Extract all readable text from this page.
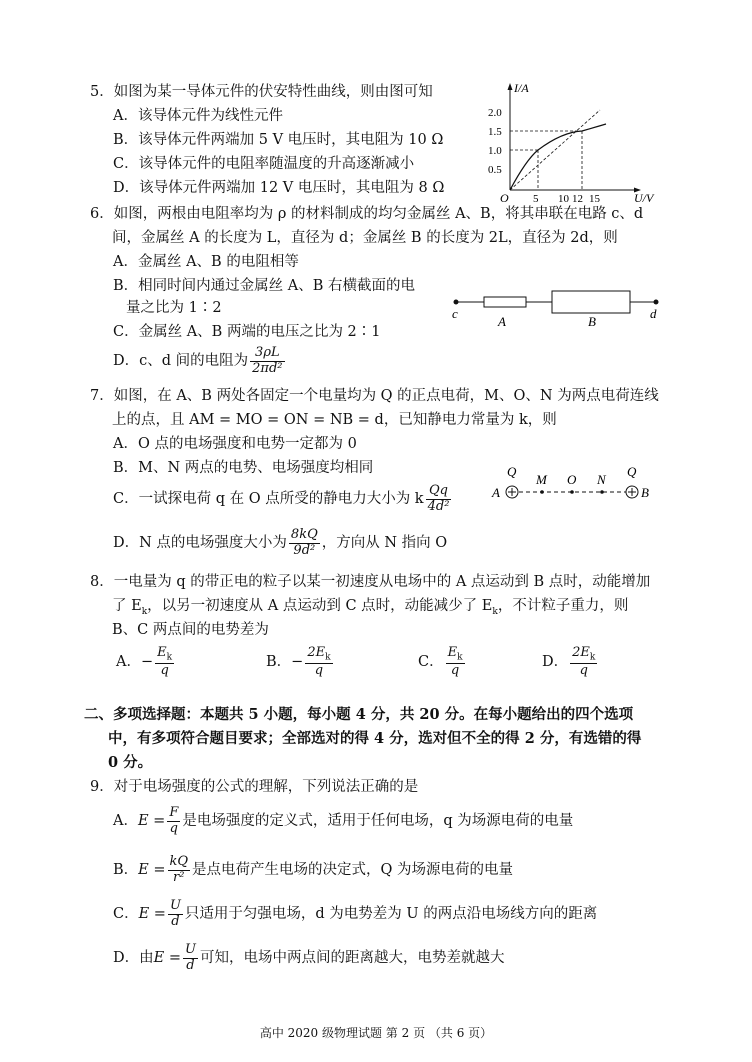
5．如图为某一导体元件的伏安特性曲线，则由图可知
A．该导体元件为线性元件
B．该导体元件两端加 5 V 电压时，其电阻为 10 Ω
C．该导体元件的电阻率随温度的升高逐渐减小
D．该导体元件两端加 12 V 电压时，其电阻为 8 Ω
I/A
U/V
O
2.0
1.5
1.0
0.5
5 10 12 15
6．如图，两根由电阻率均为 ρ 的材料制成的均匀金属丝 A、B，将其串联在电路 c、d
间，金属丝 A 的长度为 L，直径为 d；金属丝 B 的长度为 2L，直径为 2d，则
A．金属丝 A、B 的电阻相等
B．相同时间内通过金属丝 A、B 右横截面的电
量之比为 1∶2
C．金属丝 A、B 两端的电压之比为 2∶1
D．c、d 间的电阻为 $\frac{3\rho L}{\text{2πd²}}$
c	d
A	B
7．如图，在 A、B 两处各固定一个电量均为 Q 的正点电荷，M、O、N 为两点电荷连线
上的点，且 AM = MO = ON = NB = d，已知静电力常量为 k，则
A．O 点的电场强度和电势一定都为 0
B．M、N 两点的电势、电场强度均相同
C．一试探电荷 q 在 O 点所受的静电力大小为 k $\frac{Qq}{\text{4d²}}$
D．N 点的电场强度大小为 $\frac{8kQ}{\text{9d²}}$ ，方向从 N 指向 O
Q	Q
A	B
M O N
8．一电量为 q 的带正电的粒子以某一初速度从电场中的 A 点运动到 B 点时，动能增加
了 $E_k$，以另一初速度从 A 点运动到 C 点时，动能减少了 $E_k$，不计粒子重力，则
B、C 两点间的电势差为
A．− $\frac{E_k}{q}$	B．− $\frac{2E_k}{q}$	C． $\frac{E_k}{q}$	D． $\frac{2E_k}{q}$
二、多项选择题：本题共 5 小题，每小题 4 分，共 20 分。在每小题给出的四个选项
中，有多项符合题目要求；全部选对的得 4 分，选对但不全的得 2 分，有选错的得
0 分。
9．对于电场强度的公式的理解，下列说法正确的是
A．$E = \frac{F}{q}$ 是电场强度的定义式，适用于任何电场，q 为场源电荷的电量
B．$E = \frac{kQ}{\text{r²}}$ 是点电荷产生电场的决定式，Q 为场源电荷的电量
C．$E = \frac{U}{d}$ 只适用于匀强电场，d 为电势差为 U 的两点沿电场线方向的距离
D．由$E = \frac{U}{d}$ 可知，电场中两点间的距离越大，电势差就越大
高中 2020 级物理试题 第 2 页 （共 6 页）
